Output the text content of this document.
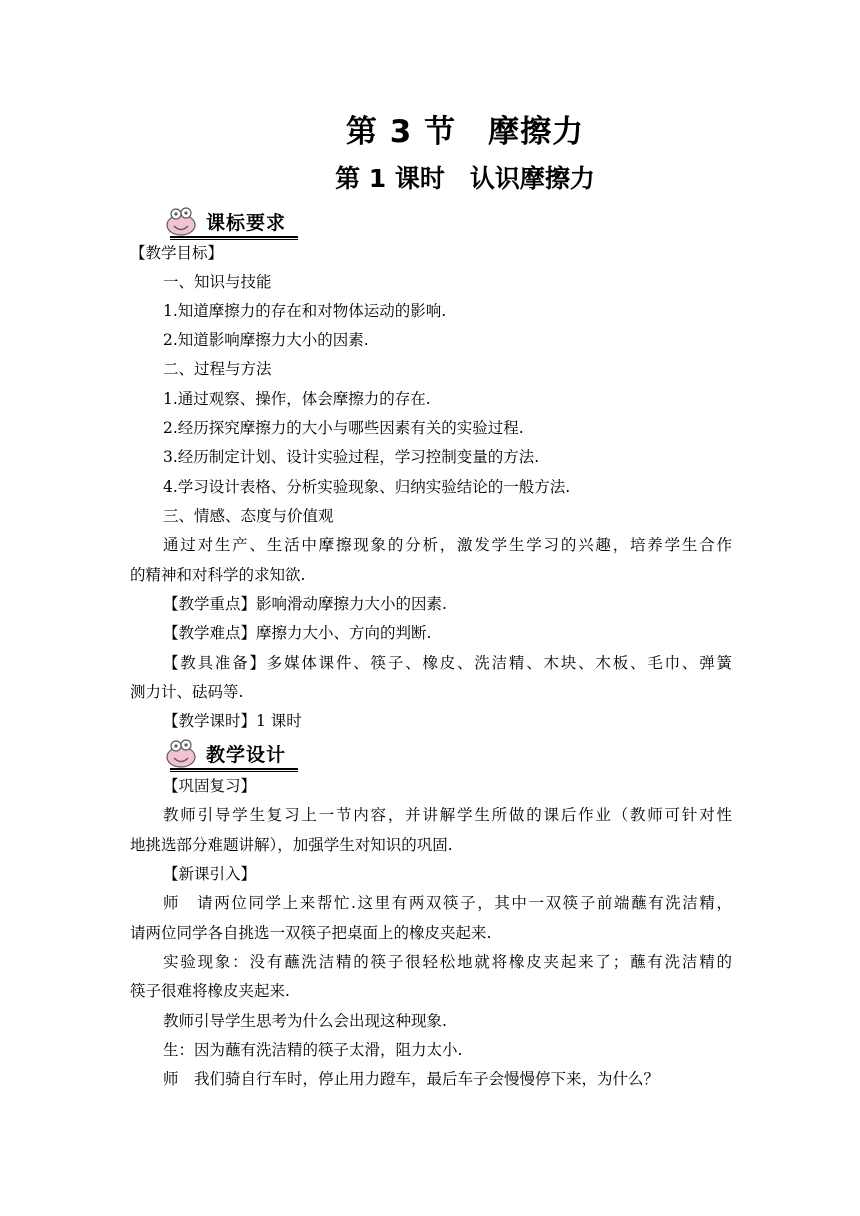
第 3 节　摩擦力
第 1 课时　认识摩擦力
课标要求
【教学目标】
一、知识与技能
1.知道摩擦力的存在和对物体运动的影响.
2.知道影响摩擦力大小的因素.
二、过程与方法
1.通过观察、操作，体会摩擦力的存在.
2.经历探究摩擦力的大小与哪些因素有关的实验过程.
3.经历制定计划、设计实验过程，学习控制变量的方法.
4.学习设计表格、分析实验现象、归纳实验结论的一般方法.
三、情感、态度与价值观
通过对生产、生活中摩擦现象的分析，激发学生学习的兴趣，培养学生合作
的精神和对科学的求知欲.
【教学重点】影响滑动摩擦力大小的因素.
【教学难点】摩擦力大小、方向的判断.
【教具准备】多媒体课件、筷子、橡皮、洗洁精、木块、木板、毛巾、弹簧
测力计、砝码等.
【教学课时】1 课时
教学设计
【巩固复习】
教师引导学生复习上一节内容，并讲解学生所做的课后作业（教师可针对性
地挑选部分难题讲解），加强学生对知识的巩固.
【新课引入】
师　请两位同学上来帮忙.这里有两双筷子，其中一双筷子前端蘸有洗洁精，
请两位同学各自挑选一双筷子把桌面上的橡皮夹起来.
实验现象：没有蘸洗洁精的筷子很轻松地就将橡皮夹起来了；蘸有洗洁精的
筷子很难将橡皮夹起来.
教师引导学生思考为什么会出现这种现象.
生：因为蘸有洗洁精的筷子太滑，阻力太小.
师　我们骑自行车时，停止用力蹬车，最后车子会慢慢停下来，为什么？
